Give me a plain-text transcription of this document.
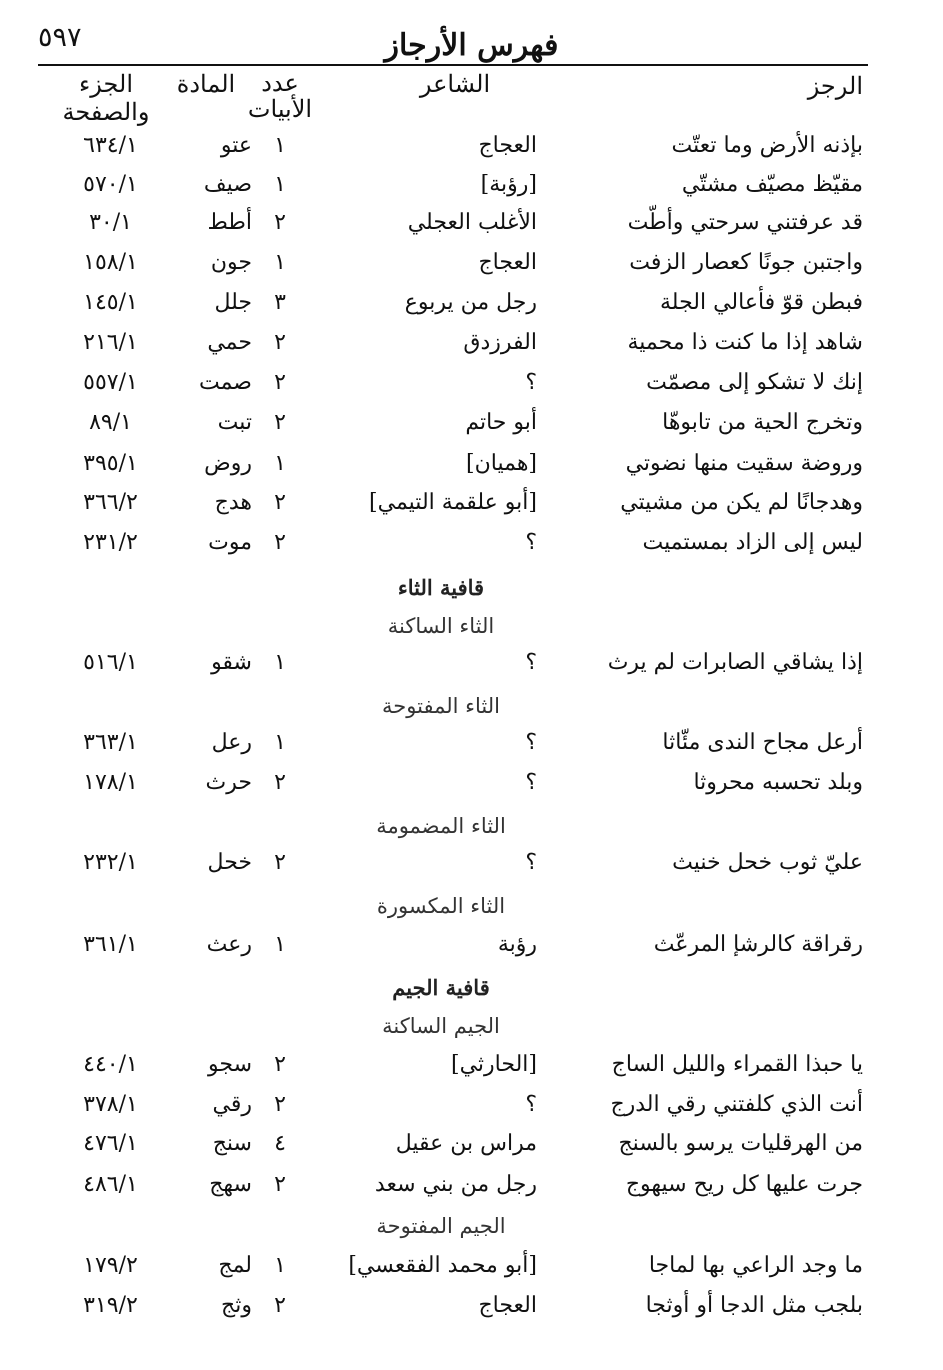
٥٩٧	فهرس الأرجاز
الرجز
الشاعر
عدد
الأبيات
المادة
الجزء والصفحة
بإذنه الأرض وما تعتّت
العجاج
١
عتو
٦٣٤/١
مقيّظ مصيّف مشتّي
[رؤبة]
١
صيف
٥٧٠/١
قد عرفتني سرحتي وأطّت
الأغلب العجلي
٢
أطط
٣٠/١
واجتبن جونًا كعصار الزفت
العجاج
١
جون
١٥٨/١
فبطن قوّ فأعالي الجلة
رجل من يربوع
٣
جلل
١٤٥/١
شاهد إذا ما كنت ذا محمية
الفرزدق
٢
حمي
٢١٦/١
إنك لا تشكو إلى مصمّت
؟
٢
صمت
٥٥٧/١
وتخرج الحية من تابوهّا
أبو حاتم
٢
تبت
٨٩/١
وروضة سقيت منها نضوتي
[هميان]
١
روض
٣٩٥/١
وهدجانًا لم يكن من مشيتي
[أبو علقمة التيمي]
٢
هدج
٣٦٦/٢
ليس إلى الزاد بمستميت
؟
٢
موت
٢٣١/٢
قافية الثاء
الثاء الساكنة
إذا يشاقي الصابرات لم يرث
؟
١
شقو
٥١٦/١
الثاء المفتوحة
أرعل مجاح الندى مئّاثا
؟
١
رعل
٣٦٣/١
وبلد تحسبه محروثا
؟
٢
حرث
١٧٨/١
الثاء المضمومة
عليّ ثوب خحل خنيث
؟
٢
خحل
٢٣٢/١
الثاء المكسورة
رقراقة كالرشإ المرعّث
رؤبة
١
رعث
٣٦١/١
قافية الجيم
الجيم الساكنة
يا حبذا القمراء والليل الساج
[الحارثي]
٢
سجو
٤٤٠/١
أنت الذي كلفتني رقي الدرج
؟
٢
رقي
٣٧٨/١
من الهرقليات يرسو بالسنج
مراس بن عقيل
٤
سنج
٤٧٦/١
جرت عليها كل ريح سيهوج
رجل من بني سعد
٢
سهج
٤٨٦/١
الجيم المفتوحة
ما وجد الراعي بها لماجا
[أبو محمد الفقعسي]
١
لمج
١٧٩/٢
بلجب مثل الدجا أو أوثجا
العجاج
٢
وثج
٣١٩/٢
